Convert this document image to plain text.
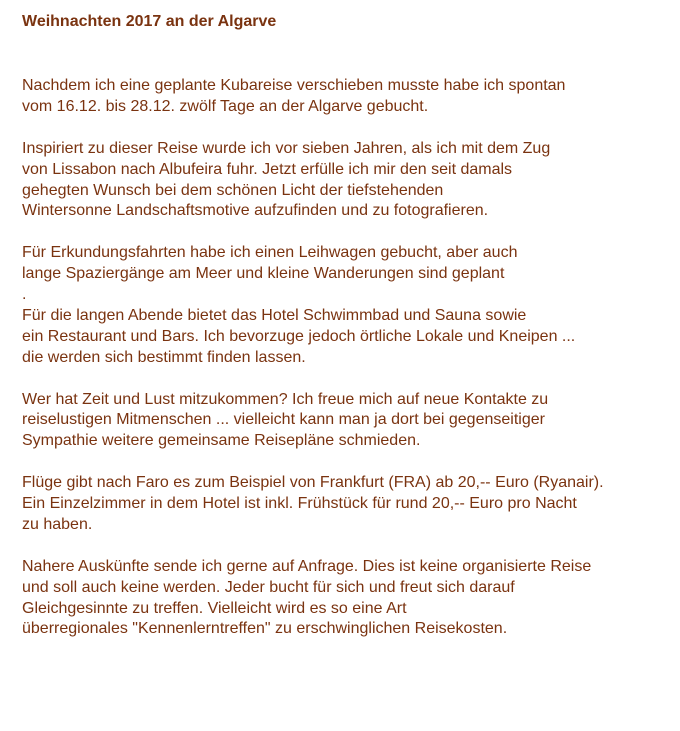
Weihnachten 2017 an der Algarve
Nachdem ich eine geplante Kubareise verschieben musste habe ich spontan
vom 16.12. bis 28.12. zwölf Tage an der Algarve gebucht.
Inspiriert zu dieser Reise wurde ich vor sieben Jahren, als ich mit dem Zug
von Lissabon nach Albufeira fuhr. Jetzt erfülle ich mir den seit damals
gehegten Wunsch bei dem schönen Licht der tiefstehenden
Wintersonne Landschaftsmotive aufzufinden und zu fotografieren.
Für Erkundungsfahrten habe ich einen Leihwagen gebucht, aber auch
lange Spaziergänge am Meer und kleine Wanderungen sind geplant
.
Für die langen Abende bietet das Hotel Schwimmbad und Sauna sowie
ein Restaurant und Bars. Ich bevorzuge jedoch örtliche Lokale und Kneipen ...
die werden sich bestimmt finden lassen.
Wer hat Zeit und Lust mitzukommen? Ich freue mich auf neue Kontakte zu
reiselustigen Mitmenschen ... vielleicht kann man ja dort bei gegenseitiger
Sympathie weitere gemeinsame Reisepläne schmieden.
Flüge gibt nach Faro es zum Beispiel von Frankfurt (FRA) ab 20,-- Euro (Ryanair).
Ein Einzelzimmer in dem Hotel ist inkl. Frühstück für rund 20,-- Euro pro Nacht
zu haben.
Nahere Auskünfte sende ich gerne auf Anfrage. Dies ist keine organisierte Reise
und soll auch keine werden. Jeder bucht für sich und freut sich darauf
Gleichgesinnte zu treffen. Vielleicht wird es so eine Art
überregionales "Kennenlerntreffen" zu erschwinglichen Reisekosten.
